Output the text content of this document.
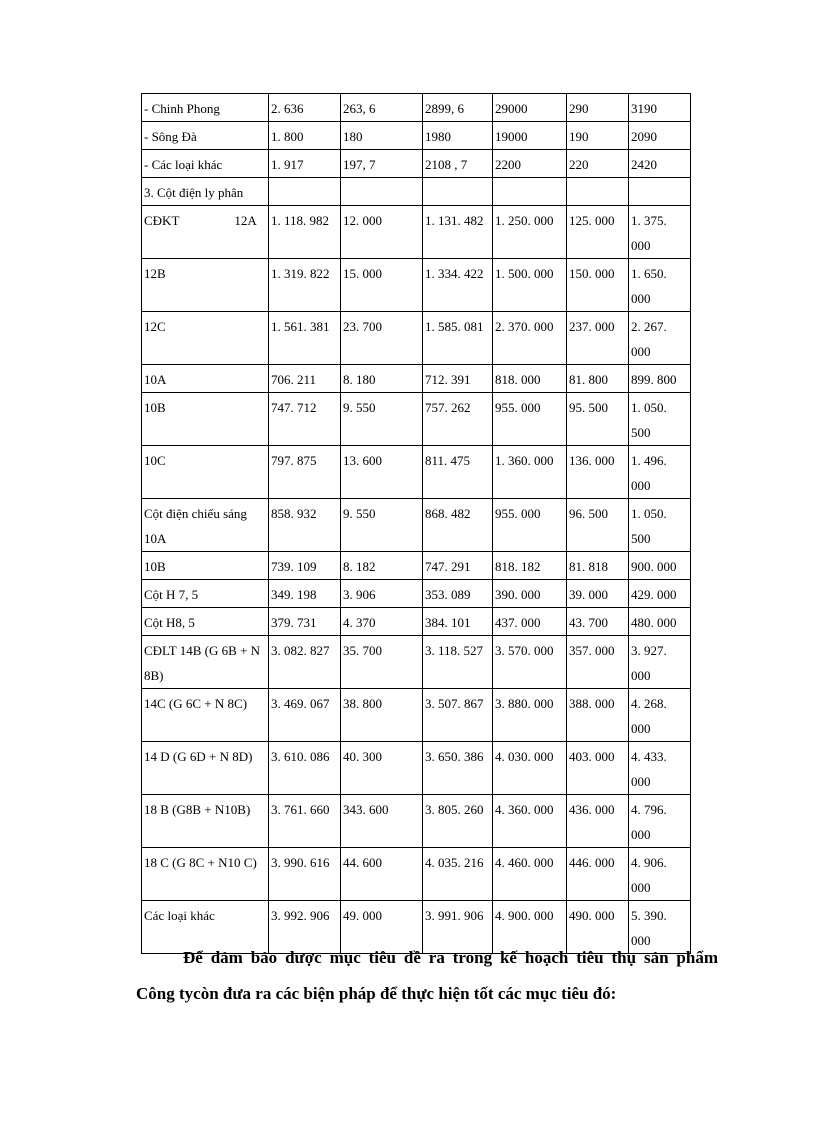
- Chinh Phong	2. 636	263, 6	2899, 6	29000	290	3190
- Sông Đà	1. 800	180	1980	19000	190	2090
- Các loại khác	1. 917	197, 7	2108 , 7	2200	220	2420
3. Cột điện ly phân						
CĐKT 12A	1. 118. 982	12. 000	1. 131. 482	1. 250. 000	125. 000	1. 375. 000
12B	1. 319. 822	15. 000	1. 334. 422	1. 500. 000	150. 000	1. 650. 000
12C	1. 561. 381	23. 700	1. 585. 081	2. 370. 000	237. 000	2. 267. 000
10A	706. 211	8. 180	712. 391	818. 000	81. 800	899. 800
10B	747. 712	9. 550	757. 262	955. 000	95. 500	1. 050. 500
10C	797. 875	13. 600	811. 475	1. 360. 000	136. 000	1. 496. 000
Cột điện chiếu sáng 10A	858. 932	9. 550	868. 482	955. 000	96. 500	1. 050. 500
10B	739. 109	8. 182	747. 291	818. 182	81. 818	900. 000
Cột H 7, 5	349. 198	3. 906	353. 089	390. 000	39. 000	429. 000
Cột H8, 5	379. 731	4. 370	384. 101	437. 000	43. 700	480. 000
CĐLT 14B (G 6B + N 8B)	3. 082. 827	35. 700	3. 118. 527	3. 570. 000	357. 000	3. 927. 000
14C (G 6C + N 8C)	3. 469. 067	38. 800	3. 507. 867	3. 880. 000	388. 000	4. 268. 000
14 D (G 6D + N 8D)	3. 610. 086	40. 300	3. 650. 386	4. 030. 000	403. 000	4. 433. 000
18 B (G8B + N10B)	3. 761. 660	343. 600	3. 805. 260	4. 360. 000	436. 000	4. 796. 000
18 C (G 8C + N10 C)	3. 990. 616	44. 600	4. 035. 216	4. 460. 000	446. 000	4. 906. 000
Các loại khác	3. 992. 906	49. 000	3. 991. 906	4. 900. 000	490. 000	5. 390. 000

Để đảm bảo được mục tiêu đề ra trong kế hoạch tiêu thụ sản phẩm

Công tycòn đưa ra các biện pháp để thực hiện tốt các mục tiêu đó:
